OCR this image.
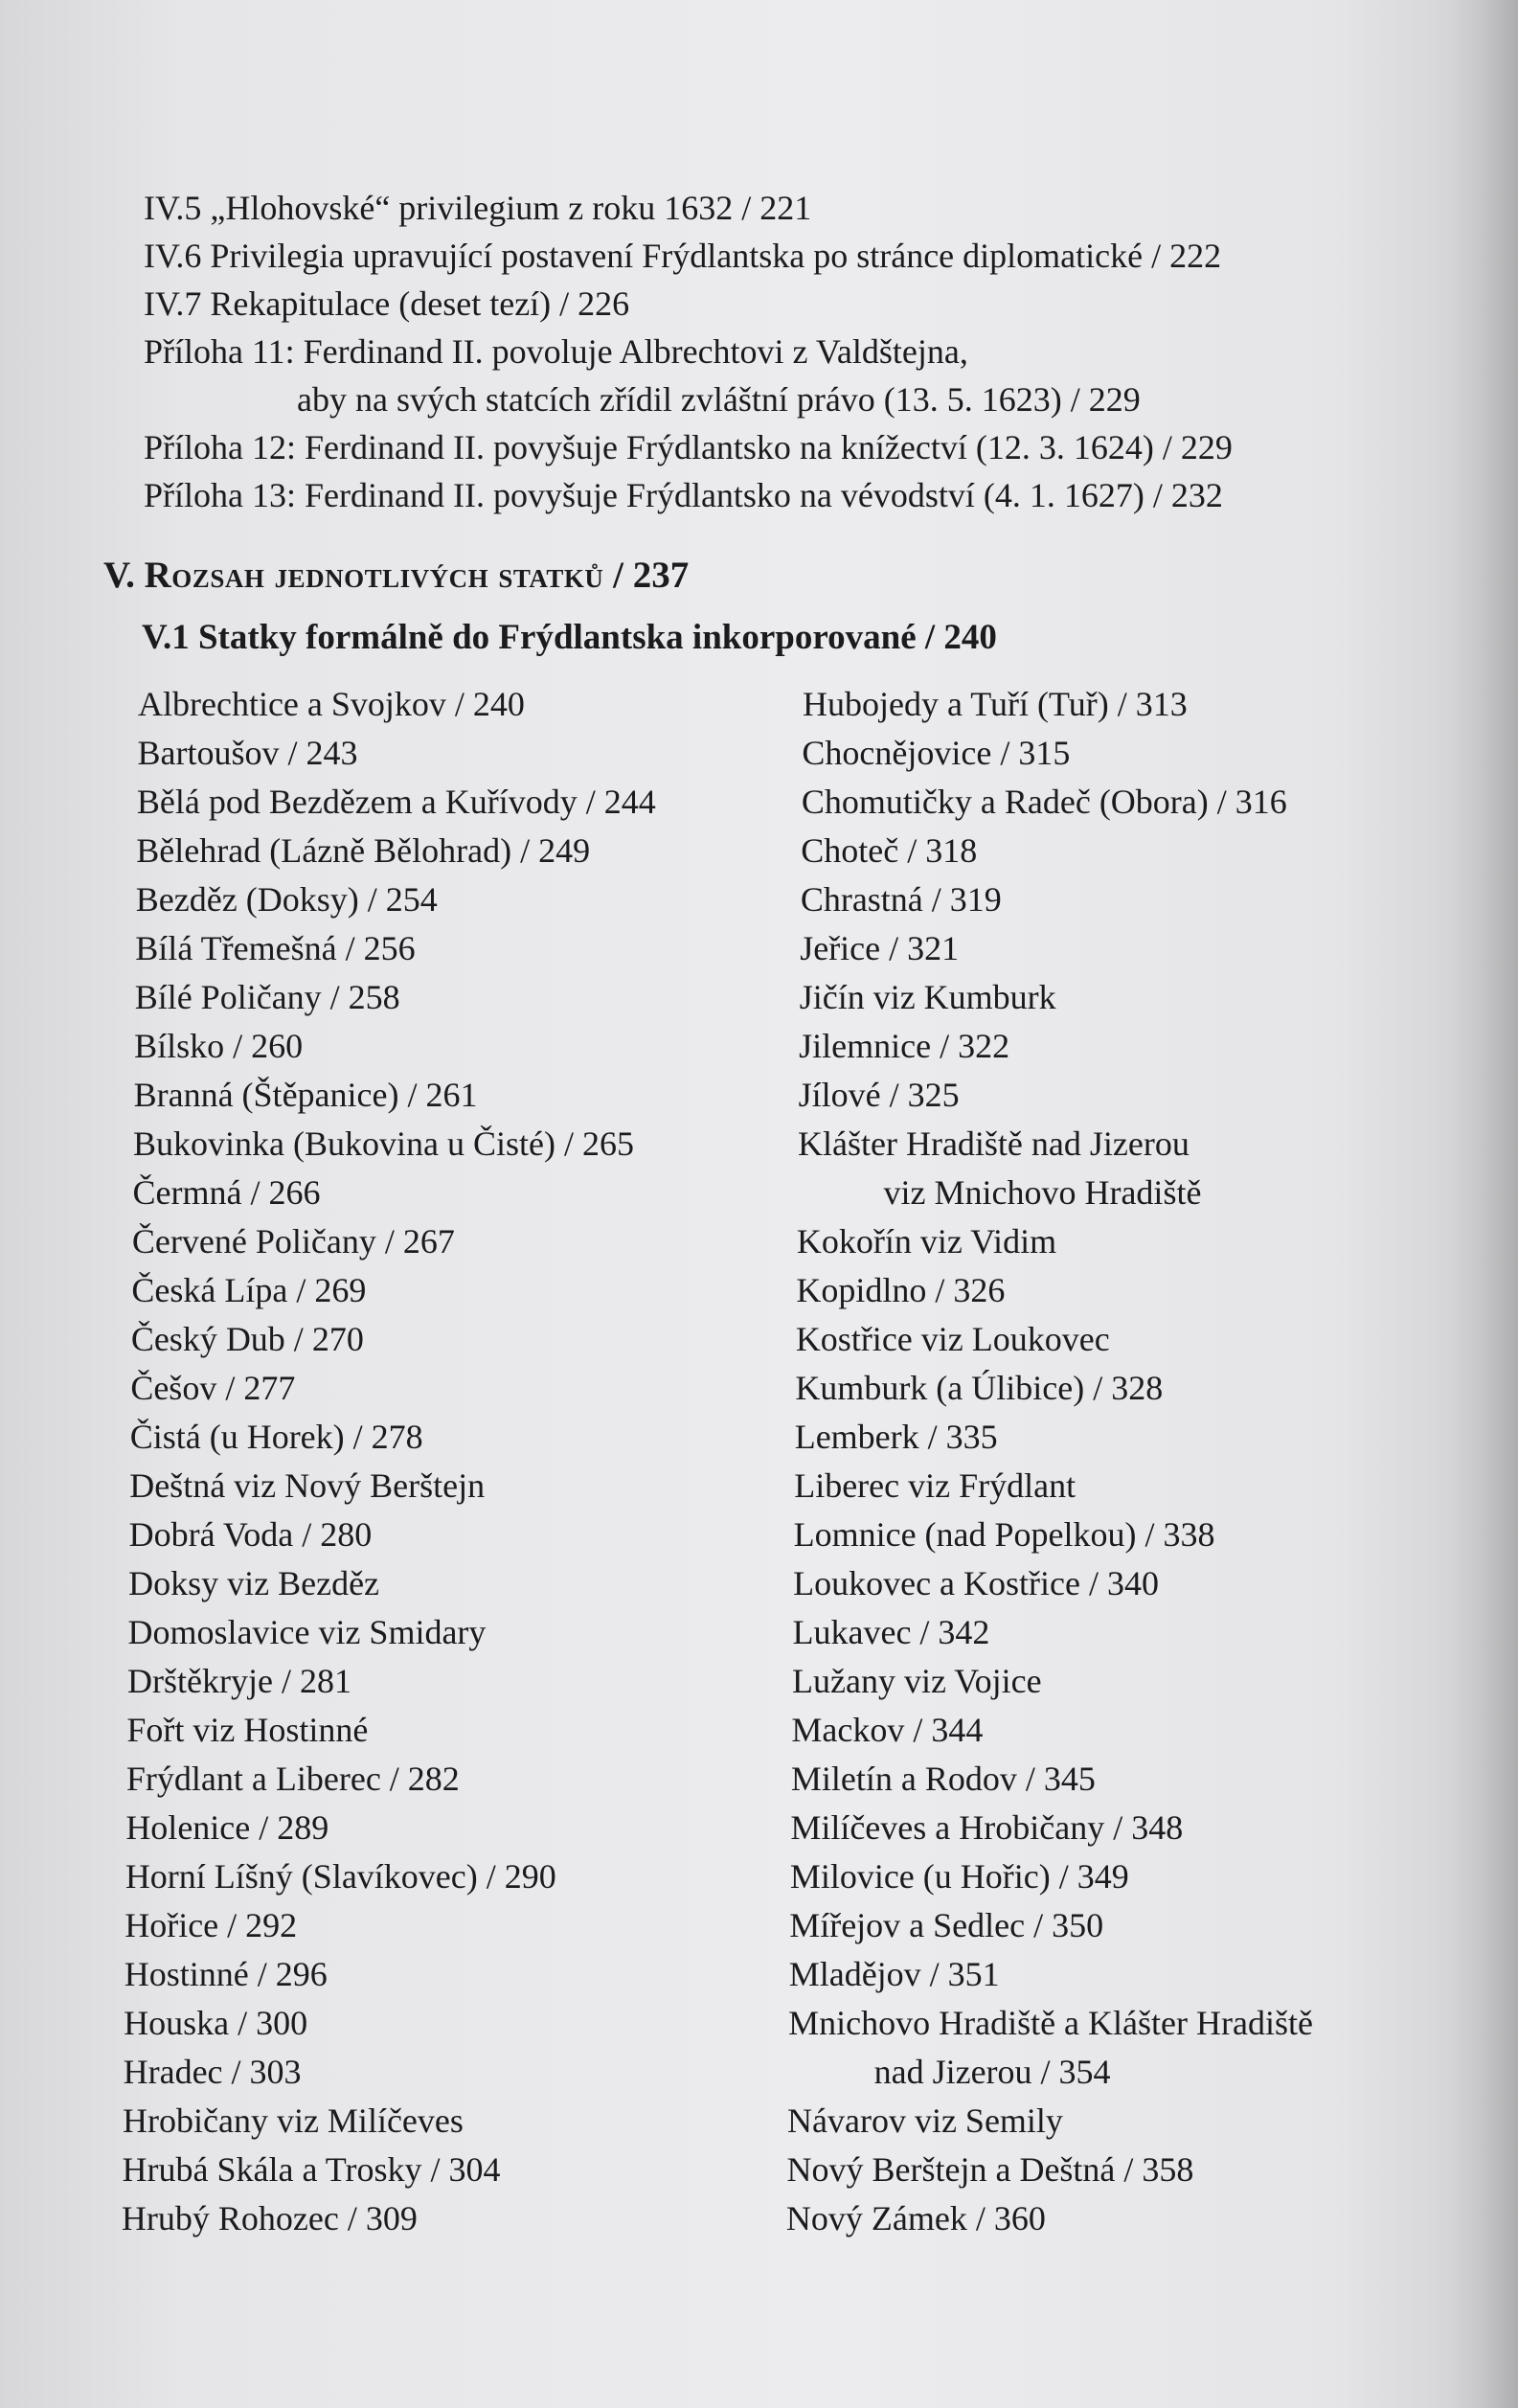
IV.5 „Hlohovské“ privilegium z roku 1632 / 221
IV.6 Privilegia upravující postavení Frýdlantska po stránce diplomatické / 222
IV.7 Rekapitulace (deset tezí) / 226
Příloha 11: Ferdinand II. povoluje Albrechtovi z Valdštejna,
aby na svých statcích zřídil zvláštní právo (13. 5. 1623) / 229
Příloha 12: Ferdinand II. povyšuje Frýdlantsko na knížectví (12. 3. 1624) / 229
Příloha 13: Ferdinand II. povyšuje Frýdlantsko na vévodství (4. 1. 1627) / 232
V. Rozsah jednotlivých statků / 237
V.1 Statky formálně do Frýdlantska inkorporované / 240
Albrechtice a Svojkov / 240
Bartoušov / 243
Bělá pod Bezdězem a Kuřívody / 244
Bělehrad (Lázně Bělohrad) / 249
Bezděz (Doksy) / 254
Bílá Třemešná / 256
Bílé Poličany / 258
Bílsko / 260
Branná (Štěpanice) / 261
Bukovinka (Bukovina u Čisté) / 265
Čermná / 266
Červené Poličany / 267
Česká Lípa / 269
Český Dub / 270
Češov / 277
Čistá (u Horek) / 278
Deštná viz Nový Berštejn
Dobrá Voda / 280
Doksy viz Bezděz
Domoslavice viz Smidary
Drštěkryje / 281
Fořt viz Hostinné
Frýdlant a Liberec / 282
Holenice / 289
Horní Líšný (Slavíkovec) / 290
Hořice / 292
Hostinné / 296
Houska / 300
Hradec / 303
Hrobičany viz Milíčeves
Hrubá Skála a Trosky / 304
Hrubý Rohozec / 309
Hubojedy a Tuří (Tuř) / 313
Chocnějovice / 315
Chomutičky a Radeč (Obora) / 316
Choteč / 318
Chrastná / 319
Jeřice / 321
Jičín viz Kumburk
Jilemnice / 322
Jílové / 325
Klášter Hradiště nad Jizerou
viz Mnichovo Hradiště
Kokořín viz Vidim
Kopidlno / 326
Kostřice viz Loukovec
Kumburk (a Úlibice) / 328
Lemberk / 335
Liberec viz Frýdlant
Lomnice (nad Popelkou) / 338
Loukovec a Kostřice / 340
Lukavec / 342
Lužany viz Vojice
Mackov / 344
Miletín a Rodov / 345
Milíčeves a Hrobičany / 348
Milovice (u Hořic) / 349
Mířejov a Sedlec / 350
Mladějov / 351
Mnichovo Hradiště a Klášter Hradiště
nad Jizerou / 354
Návarov viz Semily
Nový Berštejn a Deštná / 358
Nový Zámek / 360
